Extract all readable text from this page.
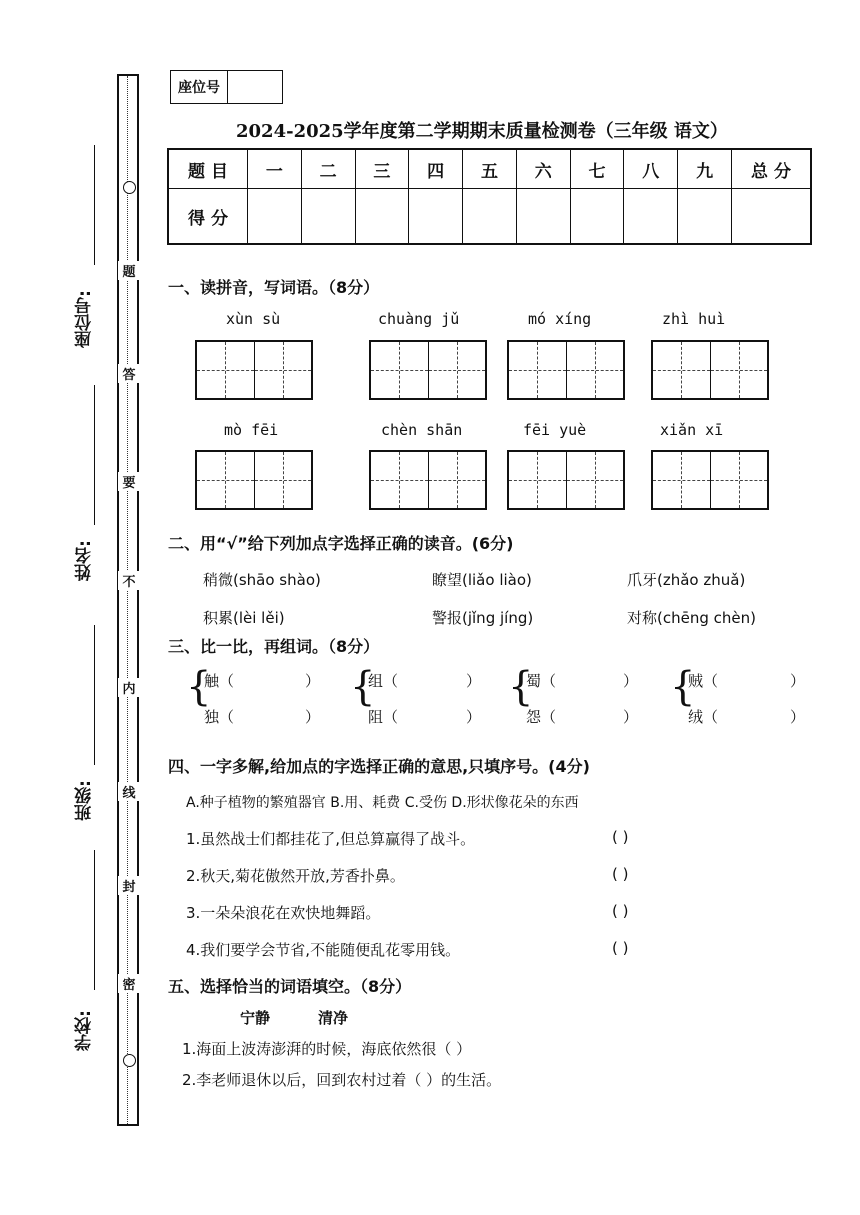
题
答
要
不
内
线
封
密
座位号:
姓名:
班级:
学校:
座位号
2024-2025学年度第二学期期末质量检测卷（三年级 语文）
题 目	一	二	三	四	五	六	七	八	九	总 分
得 分										
一、读拼音，写词语。（8分）
xùn sù	chuàng jǔ	mó xíng	zhì huì
mò fēi	chèn shān	fēi yuè	xiǎn xī
二、用“√”给下列加点字选择正确的读音。(6分)
稍微(shāo shào)	瞭望(liǎo liào)	爪牙(zhǎo zhuǎ)
积累(lèi lěi)	警报(jǐng jíng)	对称(chēng chèn)
三、比一比，再组词。（8分）
{
触（	）
独（	）
{
组（	）
阻（	）
{
蜀（	）
怨（	）
{
贼（	）
绒（	）
四、一字多解,给加点的字选择正确的意思,只填序号。(4分)
A.种子植物的繁殖器官 B.用、耗费 C.受伤 D.形状像花朵的东西
1.虽然战士们都挂花了,但总算赢得了战斗。	( )
2.秋天,菊花傲然开放,芳香扑鼻。	( )
3.一朵朵浪花在欢快地舞蹈。	( )
4.我们要学会节省,不能随便乱花零用钱。	( )
五、选择恰当的词语填空。（8分）
宁静	清净
1.海面上波涛澎湃的时候，海底依然很（ ）
2.李老师退休以后，回到农村过着（ ）的生活。
